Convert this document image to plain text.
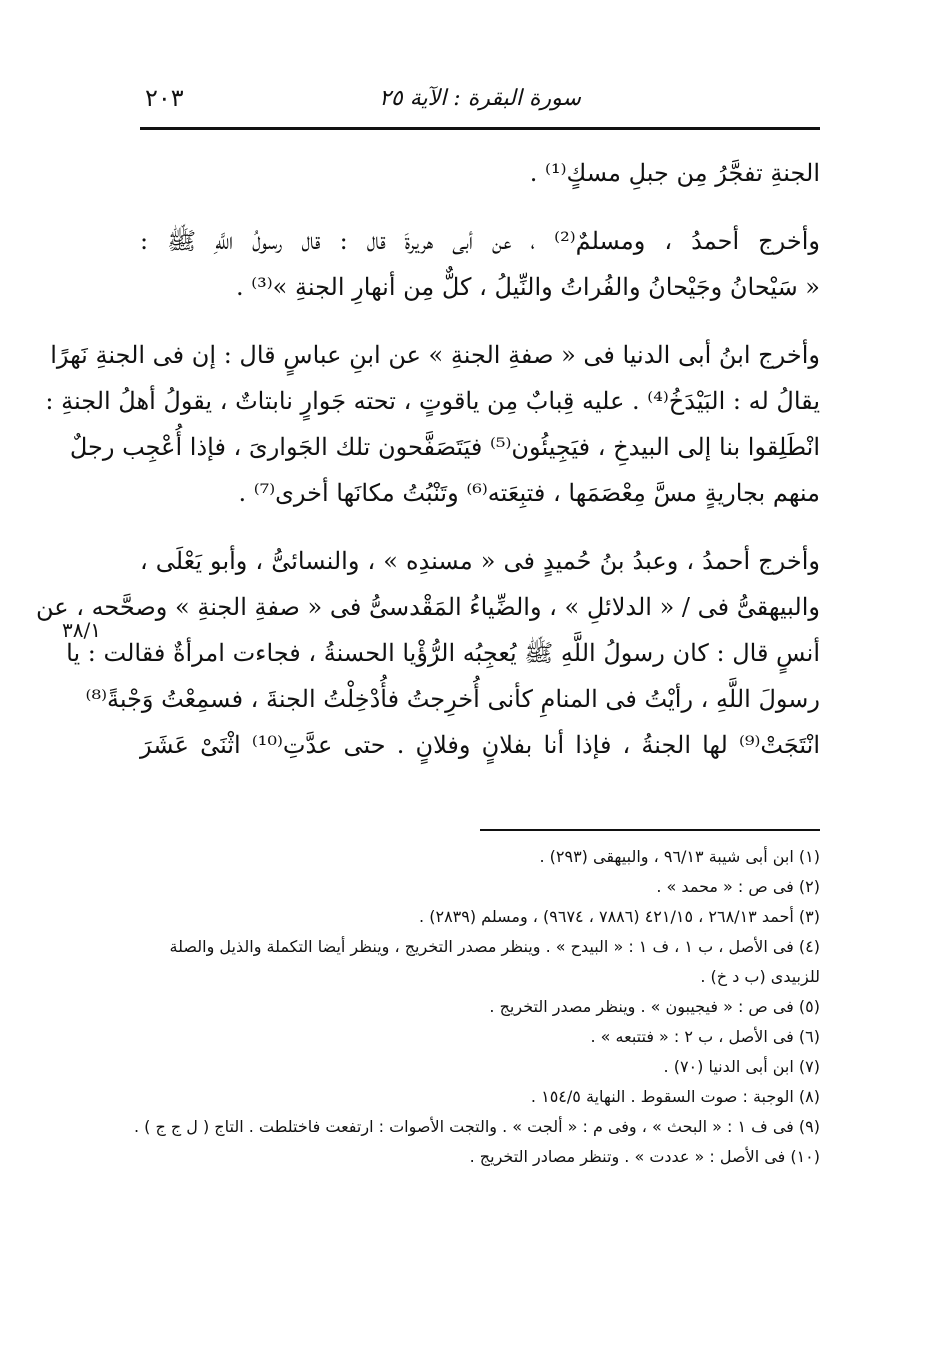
٢٠٣	سورة البقرة : الآية ٢٥
٣٨/١
الجنةِ تفجَّرُ مِن جبلِ مسكٍ⁽¹⁾ .
وأخرج أحمدُ ، ومسلمٌ⁽²⁾ ، عن أبى هريرةَ قال : قال رسولُ اللَّهِ ﷺ :
« سَيْحانُ وجَيْحانُ والفُراتُ والنِّيلُ ، كلٌّ مِن أنهارِ الجنةِ »⁽³⁾ .
وأخرج ابنُ أبى الدنيا فى « صفةِ الجنةِ » عن ابنِ عباسٍ قال : إن فى الجنةِ نَهرًا
يقالُ له : البَيْدَخُ⁽⁴⁾ . عليه قِبابٌ مِن ياقوتٍ ، تحته جَوارٍ نابتاتٌ ، يقولُ أهلُ الجنةِ :
انْطَلِقوا بنا إلى البيدخِ ، فيَجِيئُون⁽⁵⁾ فيَتَصَفَّحون تلك الجَوارىَ ، فإذا أُعْجِب رجلٌ
منهم بجاريةٍ مسَّ مِعْصَمَها ، فتبِعَته⁽⁶⁾ وتَنْبُتُ مكانَها أخرى⁽⁷⁾ .
وأخرج أحمدُ ، وعبدُ بنُ حُميدٍ فى « مسندِه » ، والنسائىُّ ، وأبو يَعْلَى ،
والبيهقىُّ فى / « الدلائلِ » ، والضِّياءُ المَقْدسىُّ فى « صفةِ الجنةِ » وصحَّحه ، عن
أنسٍ قال : كان رسولُ اللَّهِ ﷺ يُعجِبُه الرُّؤْيا الحسنةُ ، فجاءت امرأةٌ فقالت : يا
رسولَ اللَّهِ ، رأيْتُ فى المنامِ كأنى أُخرِجتُ فأُدْخِلْتُ الجنةَ ، فسمِعْتُ وَجْبةً⁽⁸⁾
انْتَجَتْ⁽⁹⁾ لها الجنةُ ، فإذا أنا بفلانٍ وفلانٍ . حتى عدَّتِ⁽¹⁰⁾ اثْنَىْ عَشَرَ
(١) ابن أبى شيبة ٩٦/١٣ ، والبيهقى (٢٩٣) .
(٢) فى ص : « محمد » .
(٣) أحمد ٢٦٨/١٣ ، ٤٢١/١٥ (٧٨٨٦ ، ٩٦٧٤) ، ومسلم (٢٨٣٩) .
(٤) فى الأصل ، ب ١ ، ف ١ : « البيدح » . وينظر مصدر التخريج ، وينظر أيضا التكملة والذيل والصلة
للزبيدى (ب د خ) .
(٥) فى ص : « فيجيبون » . وينظر مصدر التخريج .
(٦) فى الأصل ، ب ٢ : « فتتبعه » .
(٧) ابن أبى الدنيا (٧٠) .
(٨) الوجبة : صوت السقوط . النهاية ١٥٤/٥ .
(٩) فى ف ١ : « البحث » ، وفى م : « ألجت » . والتجت الأصوات : ارتفعت فاختلطت . التاج ( ل ج ج ) .
(١٠) فى الأصل : « عددت » . وتنظر مصادر التخريج .
